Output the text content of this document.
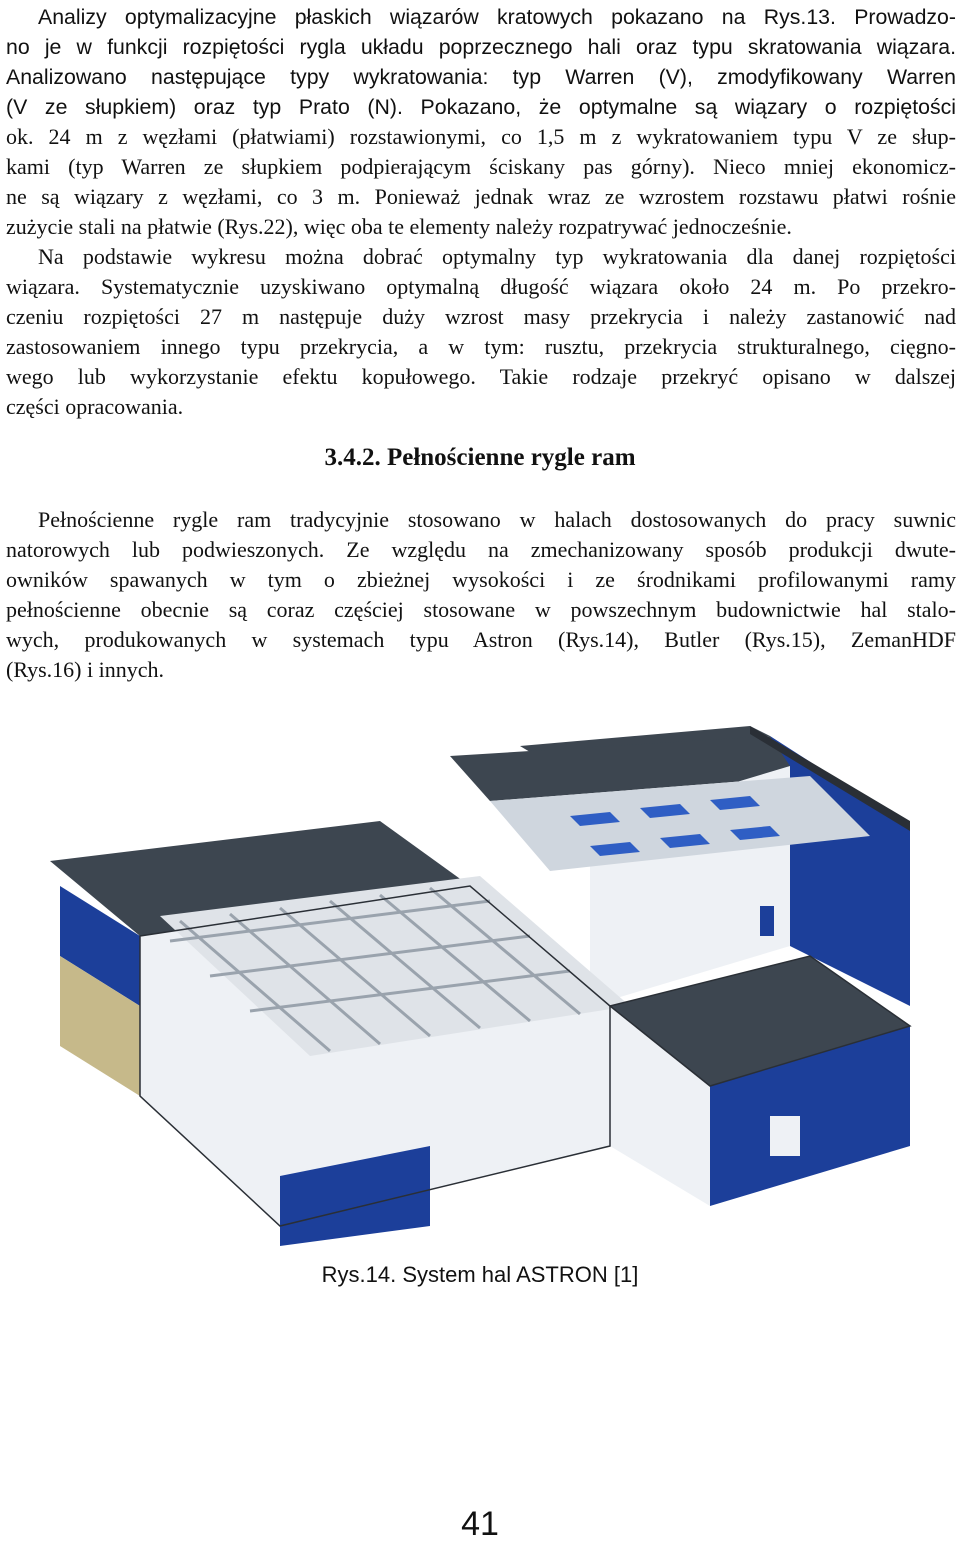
Analizy optymalizacyjne płaskich wiązarów kratowych pokazano na Rys.13. Prowadzo-
no je w funkcji rozpiętości rygla układu poprzecznego hali oraz typu skratowania wiązara.
Analizowano następujące typy wykratowania: typ Warren (V), zmodyfikowany Warren
(V ze słupkiem) oraz typ Prato (N). Pokazano, że optymalne są wiązary o rozpiętości
ok. 24 m z węzłami (płatwiami) rozstawionymi, co 1,5 m z wykratowaniem typu V ze słup-
kami (typ Warren ze słupkiem podpierającym ściskany pas górny). Nieco mniej ekonomicz-
ne są wiązary z węzłami, co 3 m. Ponieważ jednak wraz ze wzrostem rozstawu płatwi rośnie
zużycie stali na płatwie (Rys.22), więc oba te elementy należy rozpatrywać jednocześnie.
Na podstawie wykresu można dobrać optymalny typ wykratowania dla danej rozpiętości
wiązara. Systematycznie uzyskiwano optymalną długość wiązara około 24 m. Po przekro-
czeniu rozpiętości 27 m następuje duży wzrost masy przekrycia i należy zastanowić nad
zastosowaniem innego typu przekrycia, a w tym: rusztu, przekrycia strukturalnego, cięgno-
wego lub wykorzystanie efektu kopułowego. Takie rodzaje przekryć opisano w dalszej
części opracowania.
3.4.2. Pełnościenne rygle ram
Pełnościenne rygle ram tradycyjnie stosowano w halach dostosowanych do pracy suwnic
natorowych lub podwieszonych. Ze względu na zmechanizowany sposób produkcji dwute-
owników spawanych w tym o zbieżnej wysokości i ze środnikami profilowanymi ramy
pełnościenne obecnie są coraz częściej stosowane w powszechnym budownictwie hal stalo-
wych, produkowanych w systemach typu Astron (Rys.14), Butler (Rys.15), ZemanHDF
(Rys.16) i innych.

Rys.14. System hal ASTRON [1]

41
